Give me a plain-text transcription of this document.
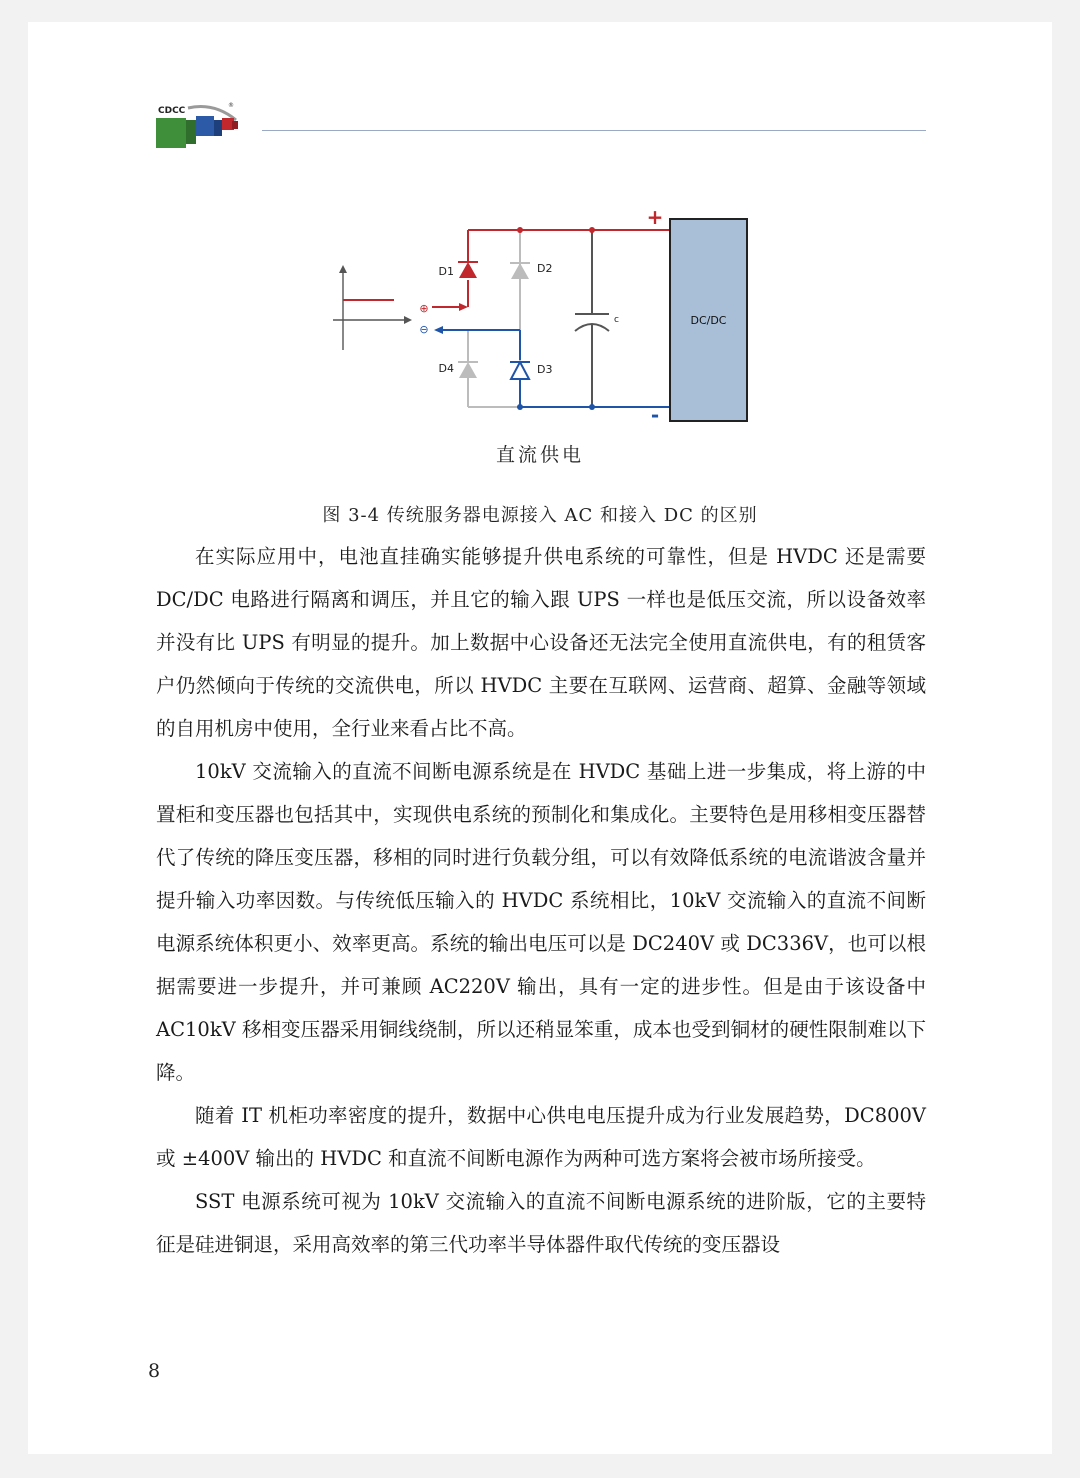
CDCC
®
⊕
⊖
D1	D2
D4	D3
c
+
-
DC/DC
直流供电
图 3-4 传统服务器电源接入 AC 和接入 DC 的区别

在实际应用中，电池直挂确实能够提升供电系统的可靠性，但是 HVDC 还是需要 DC/DC 电路进行隔离和调压，并且它的输入跟 UPS 一样也是低压交流，所以设备效率并没有比 UPS 有明显的提升。加上数据中心设备还无法完全使用直流供电，有的租赁客户仍然倾向于传统的交流供电，所以 HVDC 主要在互联网、运营商、超算、金融等领域的自用机房中使用，全行业来看占比不高。

10kV 交流输入的直流不间断电源系统是在 HVDC 基础上进一步集成，将上游的中置柜和变压器也包括其中，实现供电系统的预制化和集成化。主要特色是用移相变压器替代了传统的降压变压器，移相的同时进行负载分组，可以有效降低系统的电流谐波含量并提升输入功率因数。与传统低压输入的 HVDC 系统相比，10kV 交流输入的直流不间断电源系统体积更小、效率更高。系统的输出电压可以是 DC240V 或 DC336V，也可以根据需要进一步提升，并可兼顾 AC220V 输出，具有一定的进步性。但是由于该设备中 AC10kV 移相变压器采用铜线绕制，所以还稍显笨重，成本也受到铜材的硬性限制难以下降。

随着 IT 机柜功率密度的提升，数据中心供电电压提升成为行业发展趋势，DC800V 或 ±400V 输出的 HVDC 和直流不间断电源作为两种可选方案将会被市场所接受。

SST 电源系统可视为 10kV 交流输入的直流不间断电源系统的进阶版，它的主要特征是硅进铜退，采用高效率的第三代功率半导体器件取代传统的变压器设

8
